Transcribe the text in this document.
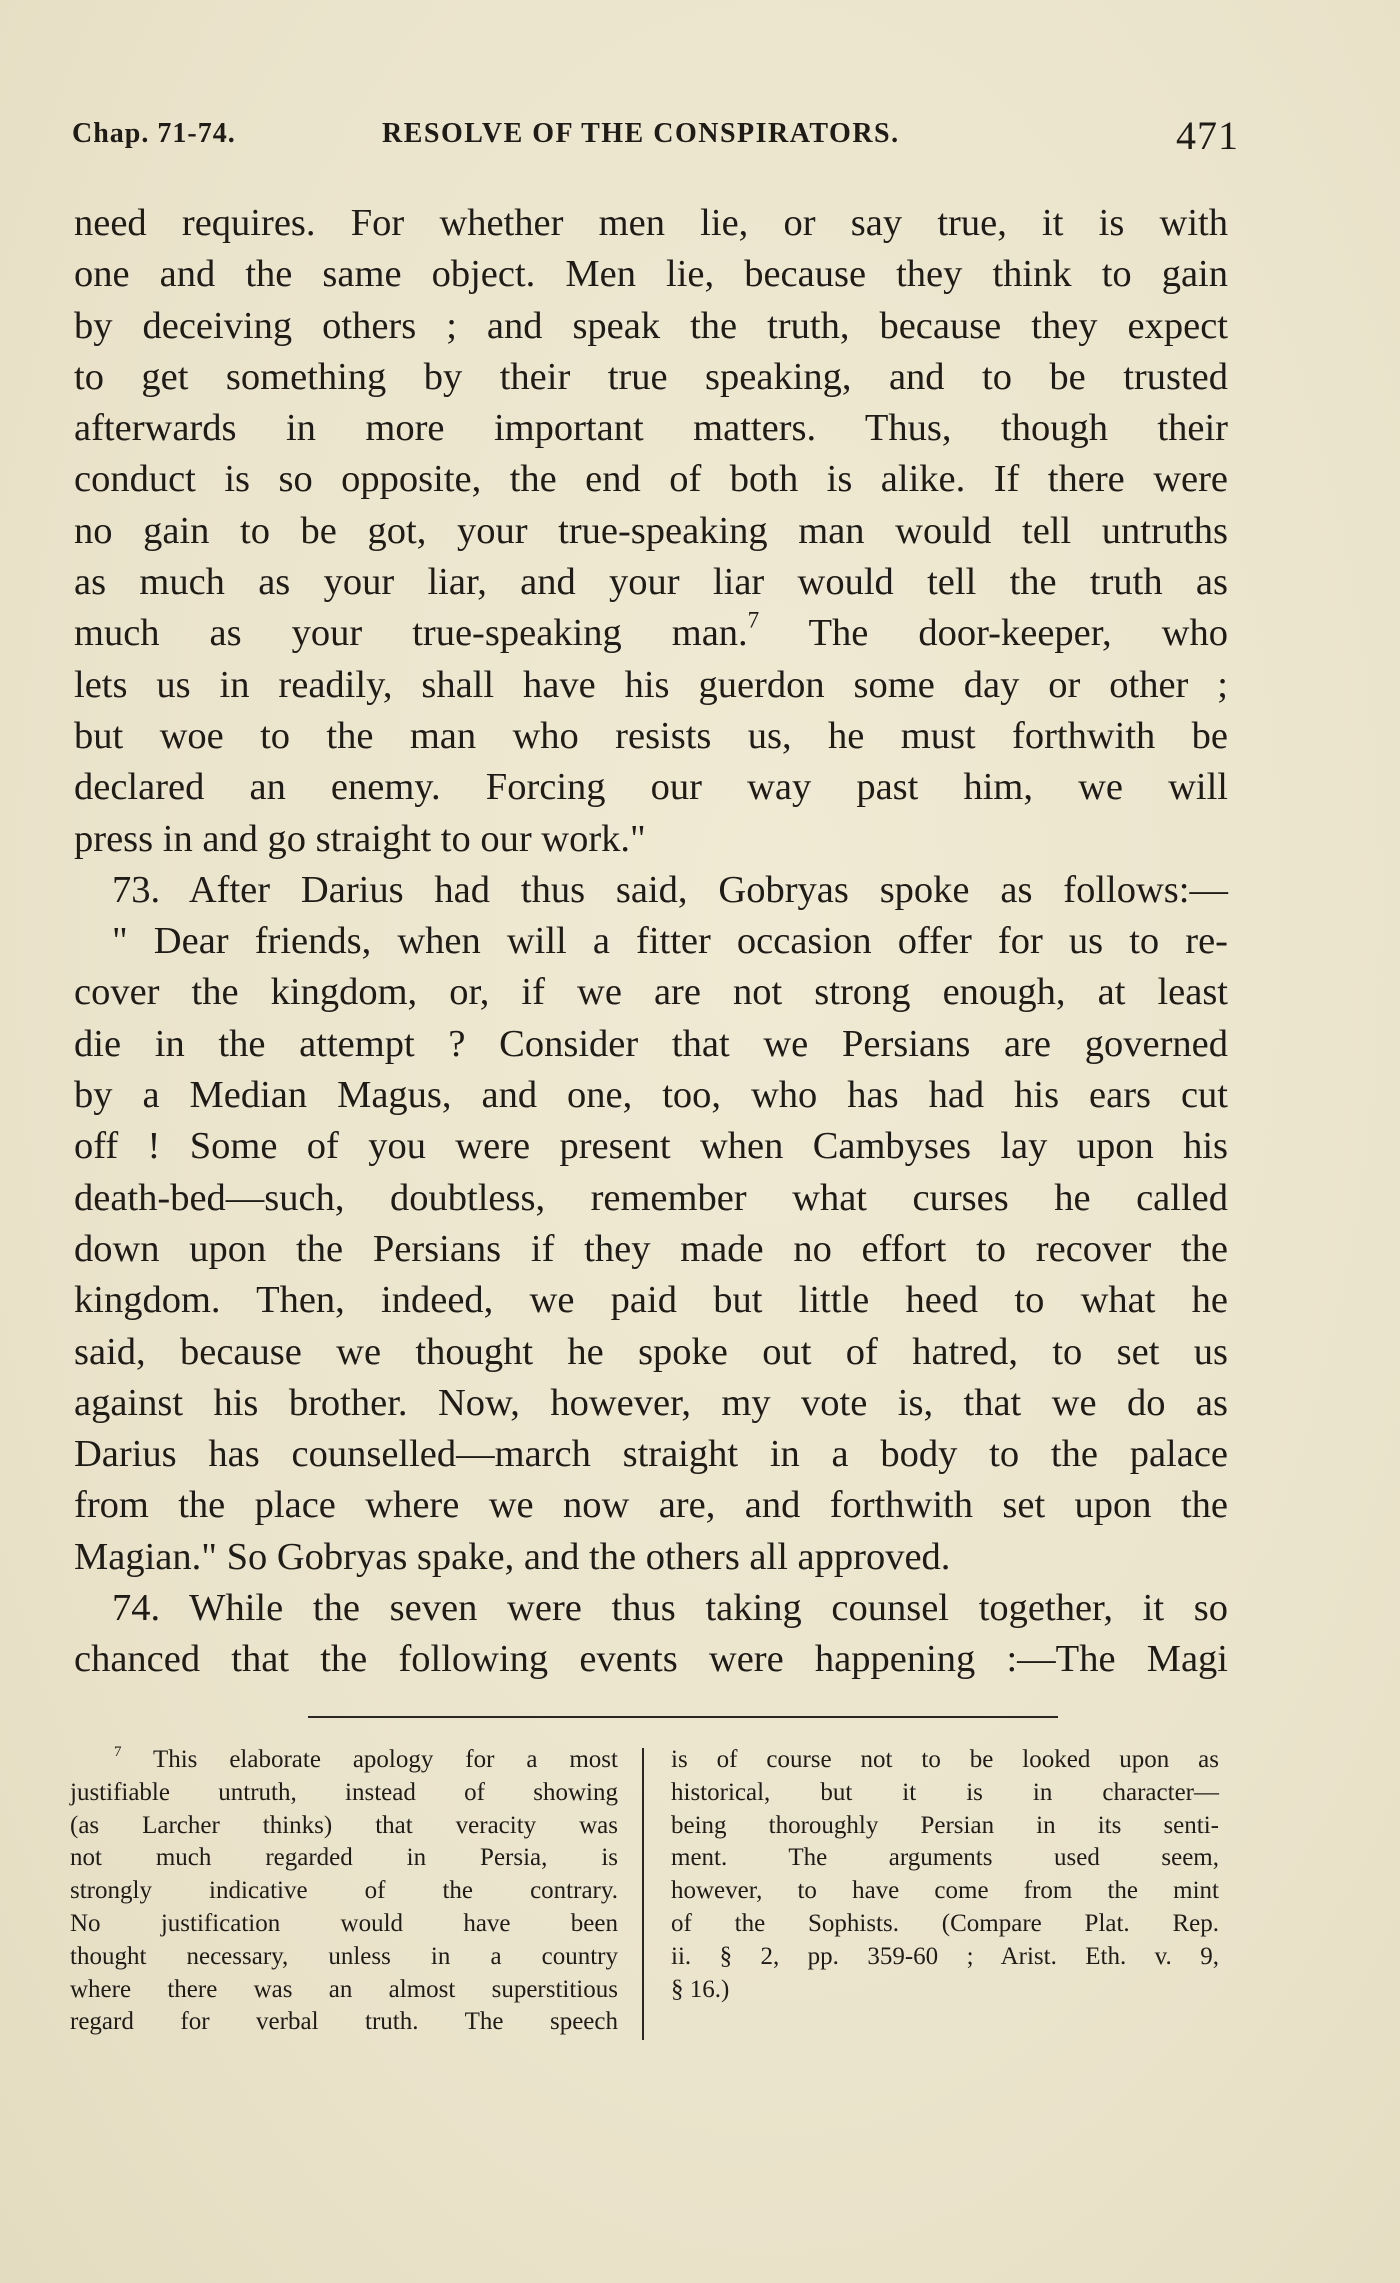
Chap. 71-74.	RESOLVE OF THE CONSPIRATORS.	471
need requires. For whether men lie, or say true, it is with
one and the same object. Men lie, because they think to gain
by deceiving others ; and speak the truth, because they expect
to get something by their true speaking, and to be trusted
afterwards in more important matters. Thus, though their
conduct is so opposite, the end of both is alike. If there were
no gain to be got, your true-speaking man would tell untruths
as much as your liar, and your liar would tell the truth as
much as your true-speaking man.$^7$ The door-keeper, who
lets us in readily, shall have his guerdon some day or other ;
but woe to the man who resists us, he must forthwith be
declared an enemy. Forcing our way past him, we will
press in and go straight to our work."
73. After Darius had thus said, Gobryas spoke as follows:—
" Dear friends, when will a fitter occasion offer for us to re-
cover the kingdom, or, if we are not strong enough, at least
die in the attempt ? Consider that we Persians are governed
by a Median Magus, and one, too, who has had his ears cut
off ! Some of you were present when Cambyses lay upon his
death-bed—such, doubtless, remember what curses he called
down upon the Persians if they made no effort to recover the
kingdom. Then, indeed, we paid but little heed to what he
said, because we thought he spoke out of hatred, to set us
against his brother. Now, however, my vote is, that we do as
Darius has counselled—march straight in a body to the palace
from the place where we now are, and forthwith set upon the
Magian." So Gobryas spake, and the others all approved.
74. While the seven were thus taking counsel together, it so
chanced that the following events were happening :—The Magi
$^7$ This elaborate apology for a most
justifiable untruth, instead of showing
(as Larcher thinks) that veracity was
not much regarded in Persia, is
strongly indicative of the contrary.
No justification would have been
thought necessary, unless in a country
where there was an almost superstitious
regard for verbal truth. The speech
is of course not to be looked upon as
historical, but it is in character—
being thoroughly Persian in its senti-
ment. The arguments used seem,
however, to have come from the mint
of the Sophists. (Compare Plat. Rep.
ii. § 2, pp. 359-60 ; Arist. Eth. v. 9,
§ 16.)
